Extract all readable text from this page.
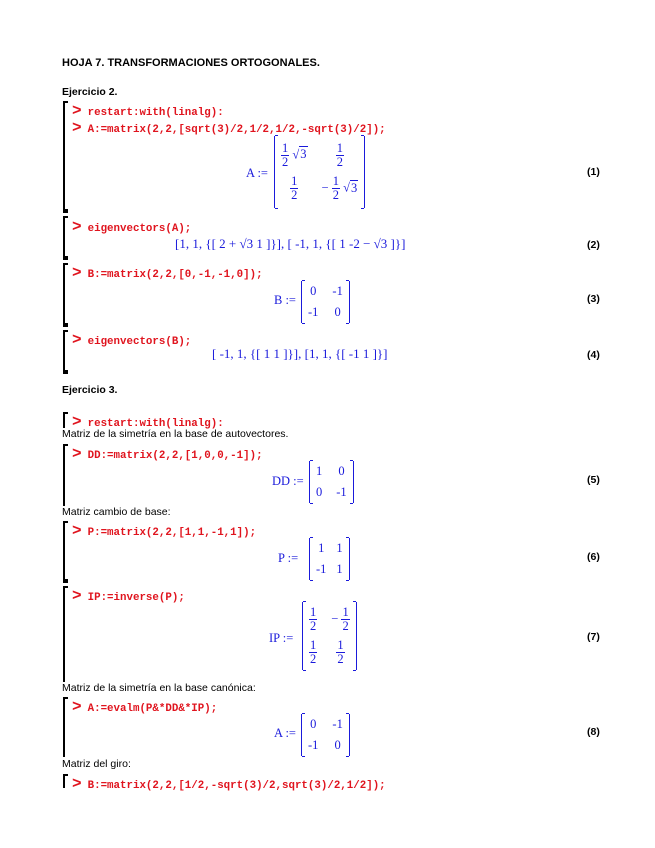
HOJA 7. TRANSFORMACIONES ORTOGONALES.
Ejercicio 2.
> restart:with(linalg):
> A:=matrix(2,2,[sqrt(3)/2,1/2,1/2,-sqrt(3)/2]);
A :=
$\frac{1}{2} √3 \frac{1}{2}$
$\frac{1}{2} - \frac{1}{2} √3$
(1)
> eigenvectors(A);
[1, 1, {[ 2 + √3 1 ]}], [ -1, 1, {[ 1 -2 − √3 ]}]	(2)
> B:=matrix(2,2,[0,-1,-1,0]);
B :=
0 -1
-1 0
(3)
> eigenvectors(B);
[ -1, 1, {[ 1 1 ]}], [1, 1, {[ -1 1 ]}]	(4)
Ejercicio 3.
> restart:with(linalg):
Matriz de la simetría en la base de autovectores.
> DD:=matrix(2,2,[1,0,0,-1]);
DD :=
1 0
0 -1
(5)
Matriz cambio de base:
> P:=matrix(2,2,[1,1,-1,1]);
P :=
1 1
-1 1
(6)
> IP:=inverse(P);
IP :=
$\frac{1}{2} - \frac{1}{2}$
$\frac{1}{2} \frac{1}{2}$
(7)
Matriz de la simetría en la base canónica:
> A:=evalm(P&*DD&*IP);
A :=
0 -1
-1 0
(8)
Matriz del giro:
> B:=matrix(2,2,[1/2,-sqrt(3)/2,sqrt(3)/2,1/2]);
